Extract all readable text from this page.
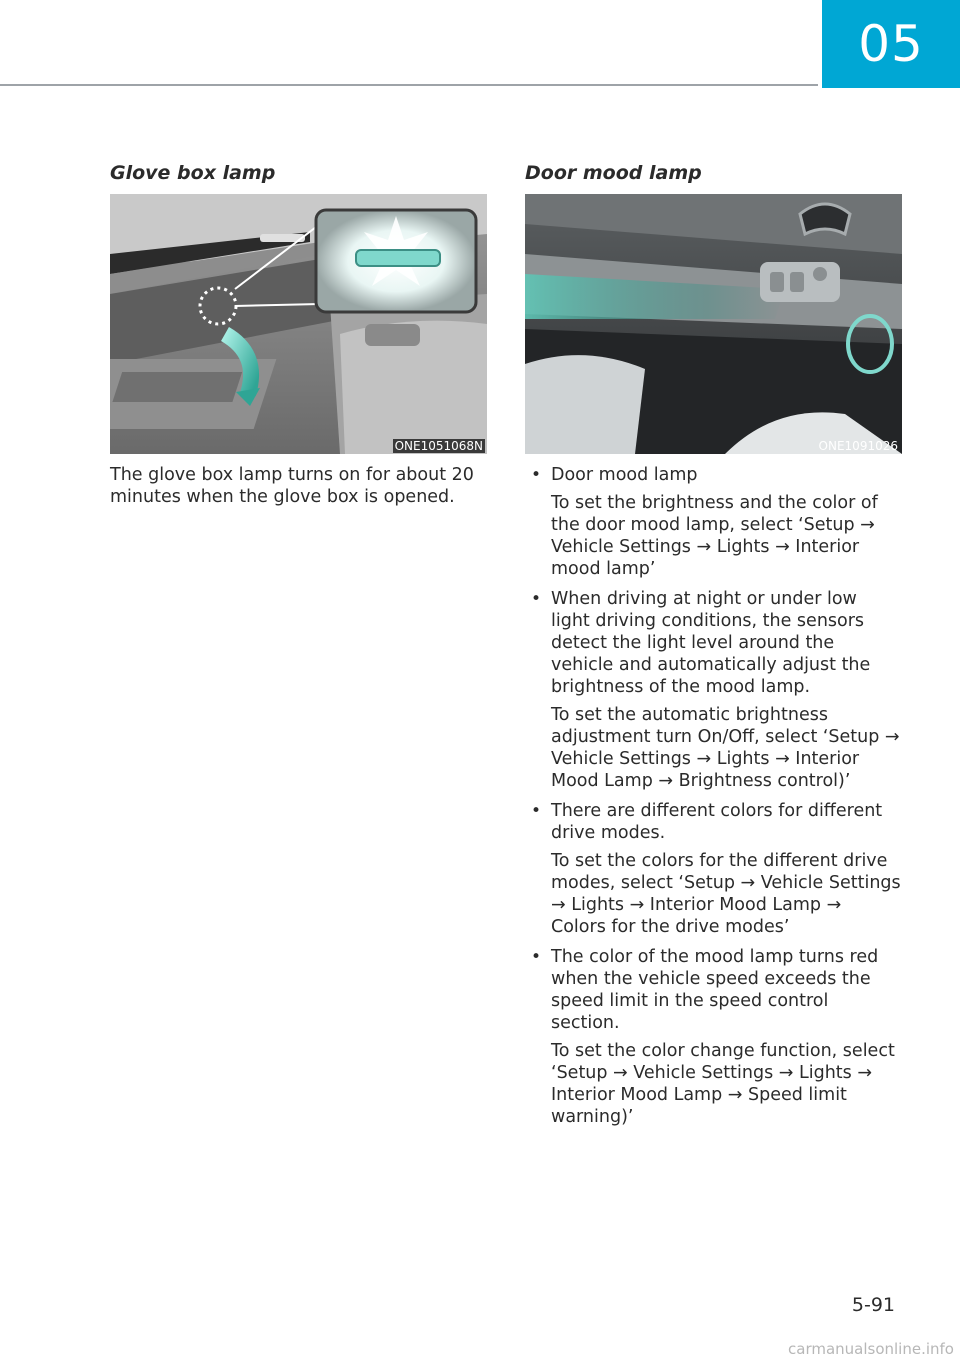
05
Glove box lamp	Door mood lamp
ONE1051068N	ONE1091026

The glove box lamp turns on for about 20 minutes when the glove box is opened.

• Door mood lamp
To set the brightness and the color of the door mood lamp, select ‘Setup → Vehicle Settings → Lights → Interior mood lamp’
• When driving at night or under low light driving conditions, the sensors detect the light level around the vehicle and automatically adjust the brightness of the mood lamp.
To set the automatic brightness adjustment turn On/Off, select ‘Setup → Vehicle Settings → Lights → Interior Mood Lamp → Brightness control)’
• There are different colors for different drive modes.
To set the colors for the different drive modes, select ‘Setup → Vehicle Settings → Lights → Interior Mood Lamp → Colors for the drive modes’
• The color of the mood lamp turns red when the vehicle speed exceeds the speed limit in the speed control section.
To set the color change function, select ‘Setup → Vehicle Settings → Lights → Interior Mood Lamp → Speed limit warning)’
5-91
carmanualsonline.info
